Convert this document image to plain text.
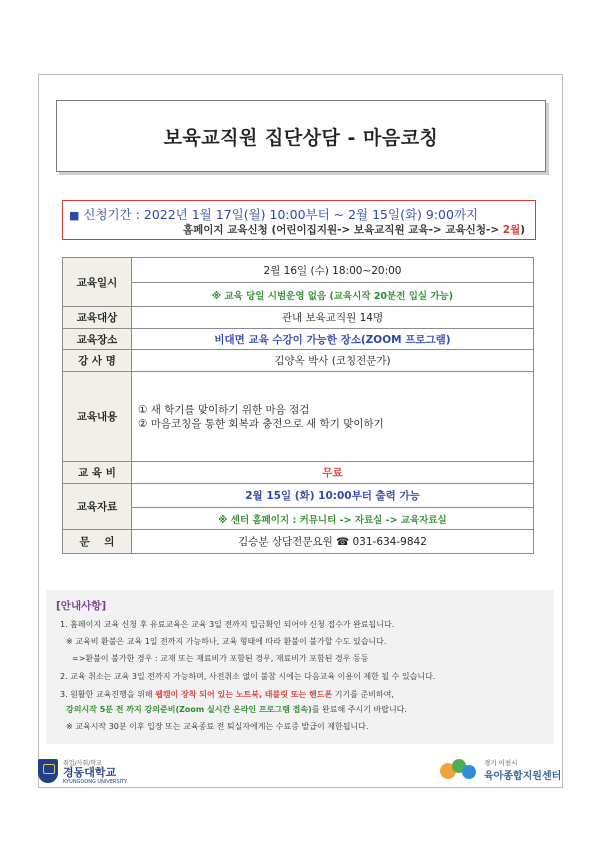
보육교직원 집단상담 - 마음코칭
■ 신청기간 : 2022년 1월 17일(월) 10:00부터 ~ 2월 15일(화) 9:00까지
홈페이지 교육신청 (어린이집지원-> 보육교직원 교육-> 교육신청-> 2월)
교육일시	2월 16일 (수) 18:00~20:00
	※ 교육 당일 시범운영 없음 (교육시작 20분전 입실 가능)
교육대상	관내 보육교직원 14명
교육장소	비대면 교육 수강이 가능한 장소(ZOOM 프로그램)
강 사 명	김양옥 박사 (코칭전문가)
교육내용	① 새 학기를 맞이하기 위한 마음 점검
② 마음코칭을 통한 회복과 충전으로 새 학기 맞이하기

교 육 비	무료
교육자료	2월 15일 (화) 10:00부터 출력 가능
	※ 센터 홈페이지 : 커뮤니티 -> 자료실 -> 교육자료실
문    의	김승분 상담전문요원 ☎ 031-634-9842
[안내사항]
1. 홈페이지 교육 신청 후 유료교육은 교육 3일 전까지 입금확인 되어야 신청 접수가 완료됩니다.
※ 교육비 환불은 교육 1일 전까지 가능하나, 교육 형태에 따라 환불이 불가할 수도 있습니다.
=>환불이 불가한 경우 : 교재 또는 재료비가 포함된 경우, 재료비가 포함된 경우 등등
2. 교육 취소는 교육 3일 전까지 가능하며, 사전취소 없이 불참 시에는 다음교육 이용이 제한 될 수 있습니다.
3. 원활한 교육진행을 위해 웹캠이 장착 되어 있는 노트북, 태블릿 또는 핸드폰 기기를 준비하여,
강의시작 5분 전 까지 강의준비(Zoom 실시간 온라인 프로그램 접속)를 완료해 주시기 바랍니다.
※ 교육시작 30분 이후 입장 또는 교육종료 전 퇴실자에게는 수료증 발급이 제한됩니다.
취업/사회/학교
경동대학교
KYUNGDONG UNIVERSITY
경기 이천시
육아종합지원센터
